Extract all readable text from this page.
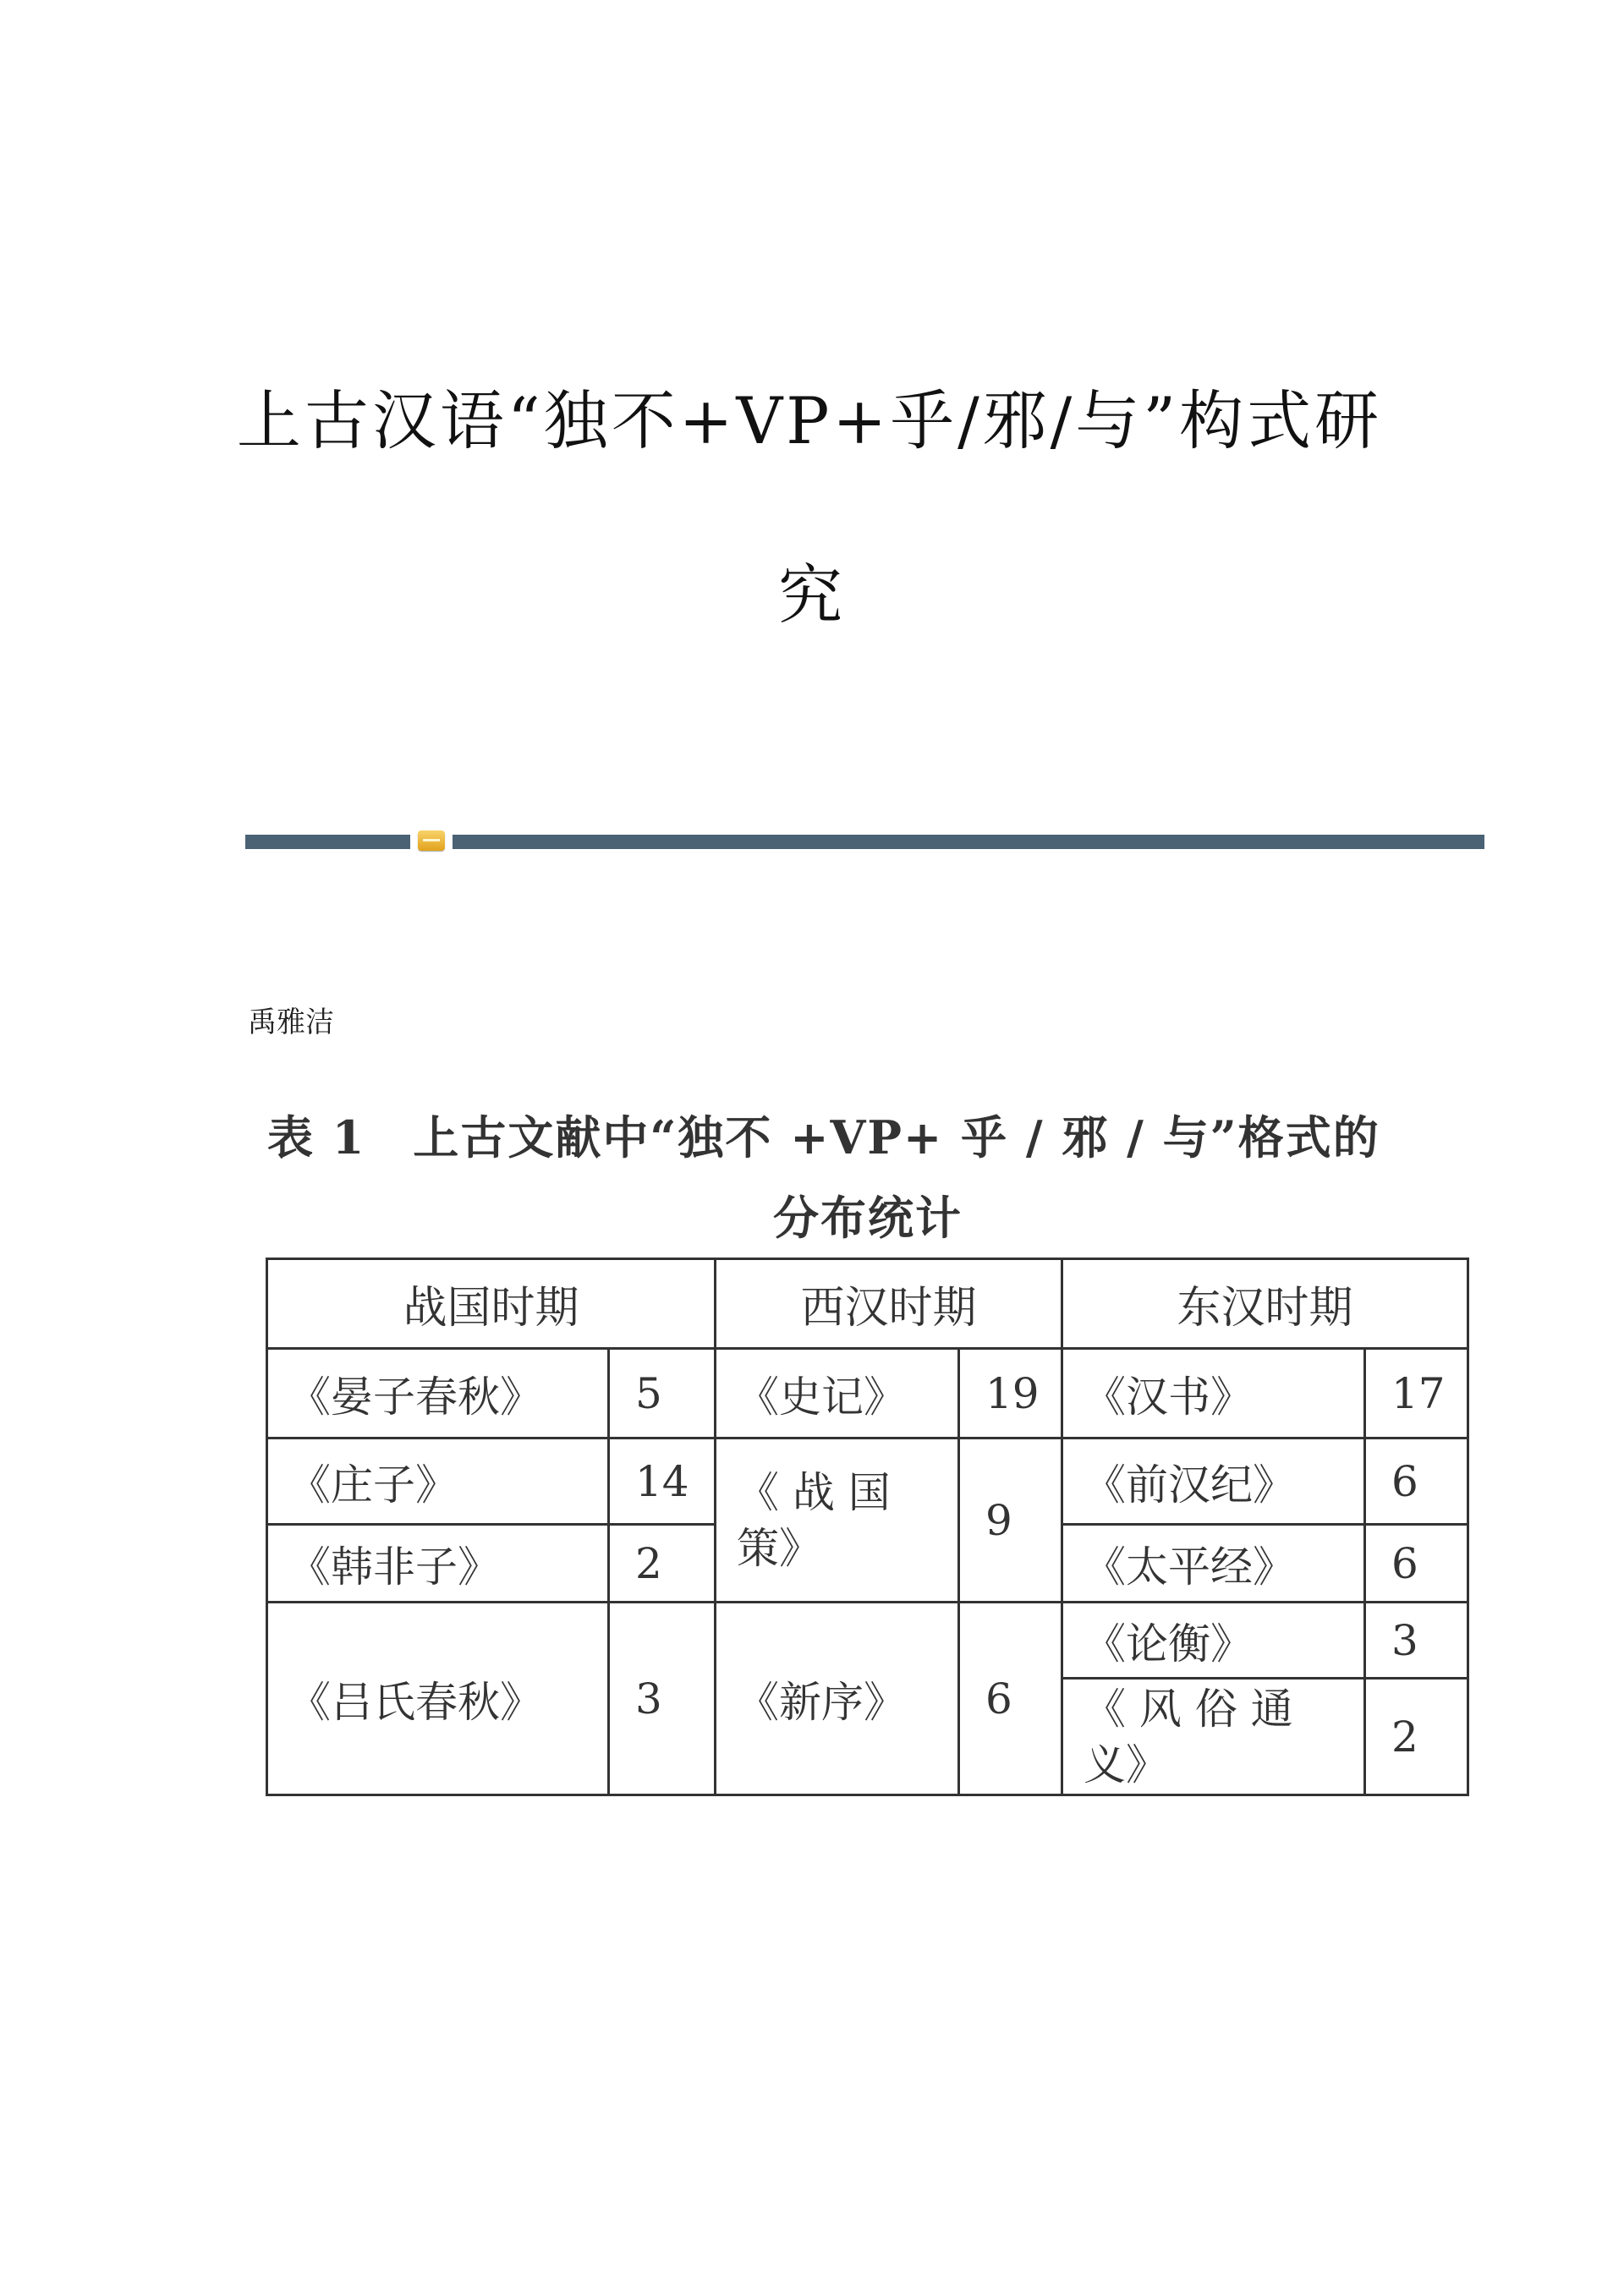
上古汉语“独不+VP+乎/邪/与”构式研
究
禹雅洁
表 1　上古文献中“独不 +VP+ 乎 / 邪 / 与”格式的
分布统计
战国时期		西汉时期		东汉时期	
《晏子春秋》	5	《史记》	19	《汉书》	17
《庄子》	14	《 战 国 策》	9	《前汉纪》	6
《韩非子》	2			《太平经》	6
《吕氏春秋》	3	《新序》	6	《论衡》	3
				《 风 俗 通 义》	2
